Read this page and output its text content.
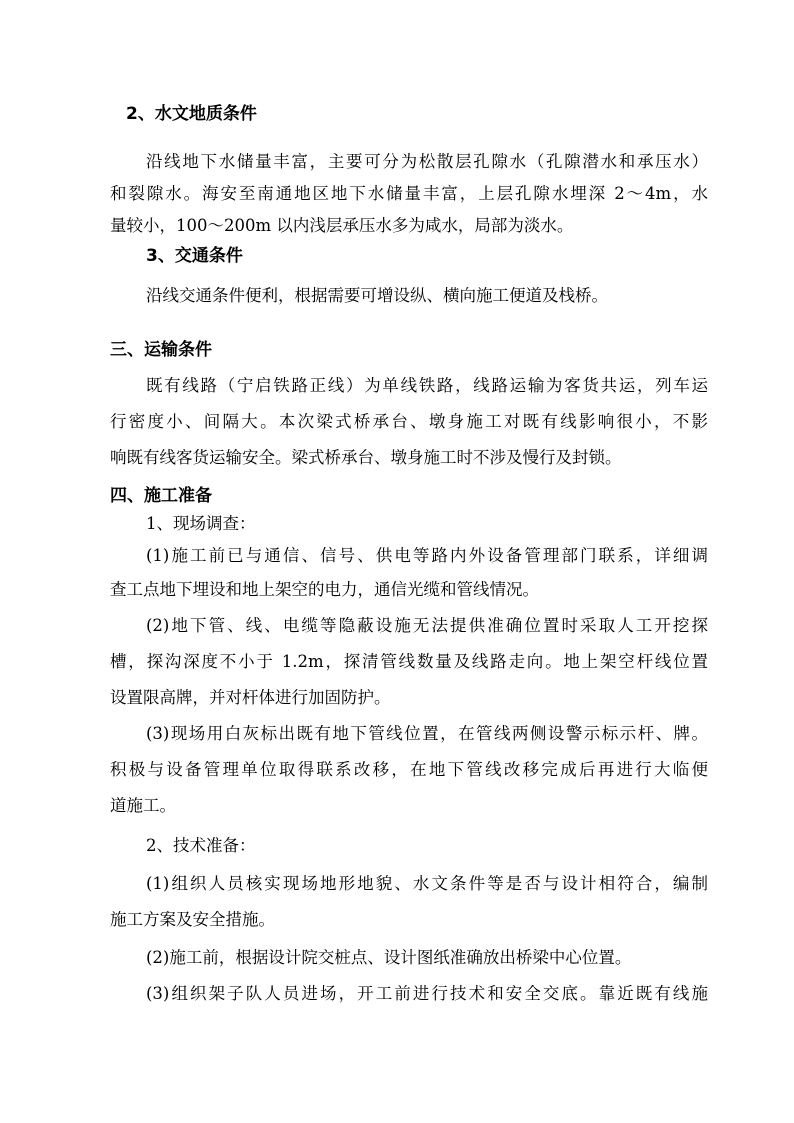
2、水文地质条件
沿线地下水储量丰富，主要可分为松散层孔隙水（孔隙潜水和承压水）
和裂隙水。海安至南通地区地下水储量丰富，上层孔隙水埋深 2～4m，水
量较小，100～200m 以内浅层承压水多为咸水，局部为淡水。
3、交通条件
沿线交通条件便利，根据需要可增设纵、横向施工便道及栈桥。
三、运输条件
既有线路（宁启铁路正线）为单线铁路，线路运输为客货共运，列车运
行密度小、间隔大。本次梁式桥承台、墩身施工对既有线影响很小，不影
响既有线客货运输安全。梁式桥承台、墩身施工时不涉及慢行及封锁。
四、施工准备
1、现场调查：
(1)施工前已与通信、信号、供电等路内外设备管理部门联系，详细调
查工点地下埋设和地上架空的电力，通信光缆和管线情况。
(2)地下管、线、电缆等隐蔽设施无法提供准确位置时采取人工开挖探
槽，探沟深度不小于 1.2m，探清管线数量及线路走向。地上架空杆线位置
设置限高牌，并对杆体进行加固防护。
(3)现场用白灰标出既有地下管线位置，在管线两侧设警示标示杆、牌。
积极与设备管理单位取得联系改移，在地下管线改移完成后再进行大临便
道施工。
2、技术准备：
(1)组织人员核实现场地形地貌、水文条件等是否与设计相符合，编制
施工方案及安全措施。
(2)施工前，根据设计院交桩点、设计图纸准确放出桥梁中心位置。
(3)组织架子队人员进场，开工前进行技术和安全交底。靠近既有线施
